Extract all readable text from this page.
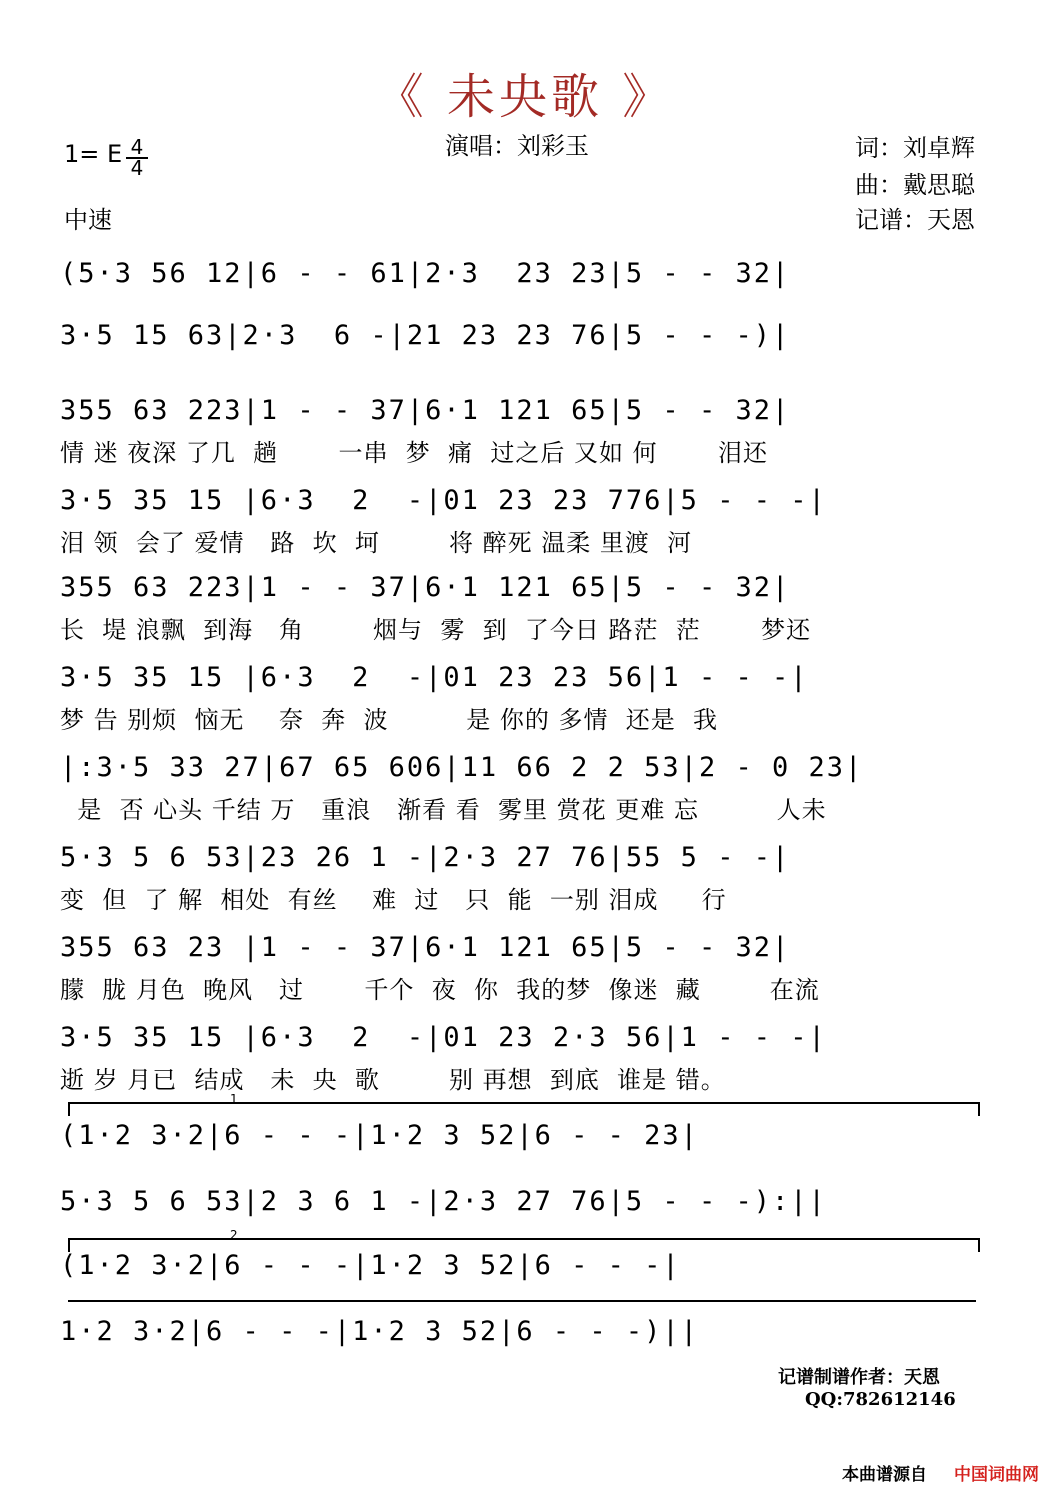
《 未央歌 》
演唱：刘彩玉
1= E 4
4
中速
词：刘卓辉
曲：戴思聪
记谱：天恩
(5·3 56 12|6 - - 61|2·3  23 23|5 - - 32|
3·5 15 63|2·3  6 -|21 23 23 76|5 - - -)|
355 63 223|1 - - 37|6·1 121 65|5 - - 32|
情 迷 夜深 了几  趟       一串  梦  痛  过之后 又如 何       泪还
3·5 35 15 |6·3  2  -|01 23 23 776|5 - - -|
泪 领  会了 爱情   路  坎  坷        将 醉死 温柔 里渡  河
355 63 223|1 - - 37|6·1 121 65|5 - - 32|
长  堤 浪飘  到海   角        烟与  雾  到  了今日 路茫  茫       梦还
3·5 35 15 |6·3  2  -|01 23 23 56|1 - - -|
梦 告 别烦  恼无    奈  奔  波         是 你的 多情  还是  我
|:3·5 33 27|67 65 606|11 66 2 2 53|2 - 0 23|
是  否 心头 千结 万   重浪   渐看 看  雾里 赏花 更难 忘         人未
5·3 5 6 53|23 26 1 -|2·3 27 76|55 5 - -|
变  但  了 解  相处  有丝    难  过   只  能  一别 泪成     行
355 63 23 |1 - - 37|6·1 121 65|5 - - 32|
朦  胧 月色  晚风   过       千个  夜  你  我的梦  像迷  藏        在流
3·5 35 15 |6·3  2  -|01 23 2·3 56|1 - - -|
逝 岁 月已  结成   未  央  歌        别 再想  到底  谁是 错。
1
(1·2 3·2|6 - - -|1·2 3 52|6 - - 23|
5·3 5 6 53|2 3 6 1 -|2·3 27 76|5 - - -):||
2
(1·2 3·2|6 - - -|1·2 3 52|6 - - -|
1·2 3·2|6 - - -|1·2 3 52|6 - - -)||
记谱制谱作者：天恩
QQ:782612146
本曲谱源自 中国词曲网
